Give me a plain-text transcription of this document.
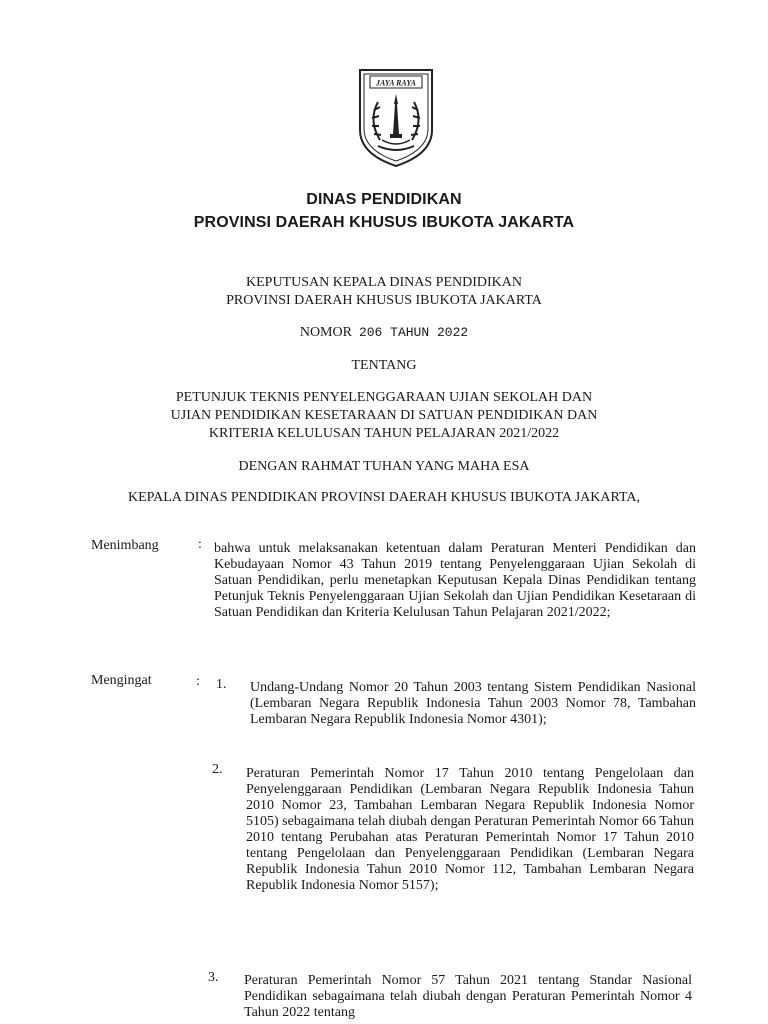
JAYA RAYA
DINAS PENDIDIKAN
PROVINSI DAERAH KHUSUS IBUKOTA JAKARTA
KEPUTUSAN KEPALA DINAS PENDIDIKAN
PROVINSI DAERAH KHUSUS IBUKOTA JAKARTA
NOMOR 206 TAHUN 2022
TENTANG
PETUNJUK TEKNIS PENYELENGGARAAN UJIAN SEKOLAH DAN
UJIAN PENDIDIKAN KESETARAAN DI SATUAN PENDIDIKAN DAN
KRITERIA KELULUSAN TAHUN PELAJARAN 2021/2022
DENGAN RAHMAT TUHAN YANG MAHA ESA
KEPALA DINAS PENDIDIKAN PROVINSI DAERAH KHUSUS IBUKOTA JAKARTA,
Menimbang	: bahwa untuk melaksanakan ketentuan dalam Peraturan Menteri Pendidikan dan Kebudayaan Nomor 43 Tahun 2019 tentang Penyelenggaraan Ujian Sekolah di Satuan Pendidikan, perlu menetapkan Keputusan Kepala Dinas Pendidikan tentang Petunjuk Teknis Penyelenggaraan Ujian Sekolah dan Ujian Pendidikan Kesetaraan di Satuan Pendidikan dan Kriteria Kelulusan Tahun Pelajaran 2021/2022;
Mengingat	: 1. Undang-Undang Nomor 20 Tahun 2003 tentang Sistem Pendidikan Nasional (Lembaran Negara Republik Indonesia Tahun 2003 Nomor 78, Tambahan Lembaran Negara Republik Indonesia Nomor 4301);
2. Peraturan Pemerintah Nomor 17 Tahun 2010 tentang Pengelolaan dan Penyelenggaraan Pendidikan (Lembaran Negara Republik Indonesia Tahun 2010 Nomor 23, Tambahan Lembaran Negara Republik Indonesia Nomor 5105) sebagaimana telah diubah dengan Peraturan Pemerintah Nomor 66 Tahun 2010 tentang Perubahan atas Peraturan Pemerintah Nomor 17 Tahun 2010 tentang Pengelolaan dan Penyelenggaraan Pendidikan (Lembaran Negara Republik Indonesia Tahun 2010 Nomor 112, Tambahan Lembaran Negara Republik Indonesia Nomor 5157);
3. Peraturan Pemerintah Nomor 57 Tahun 2021 tentang Standar Nasional Pendidikan sebagaimana telah diubah dengan Peraturan Pemerintah Nomor 4 Tahun 2022 tentang
